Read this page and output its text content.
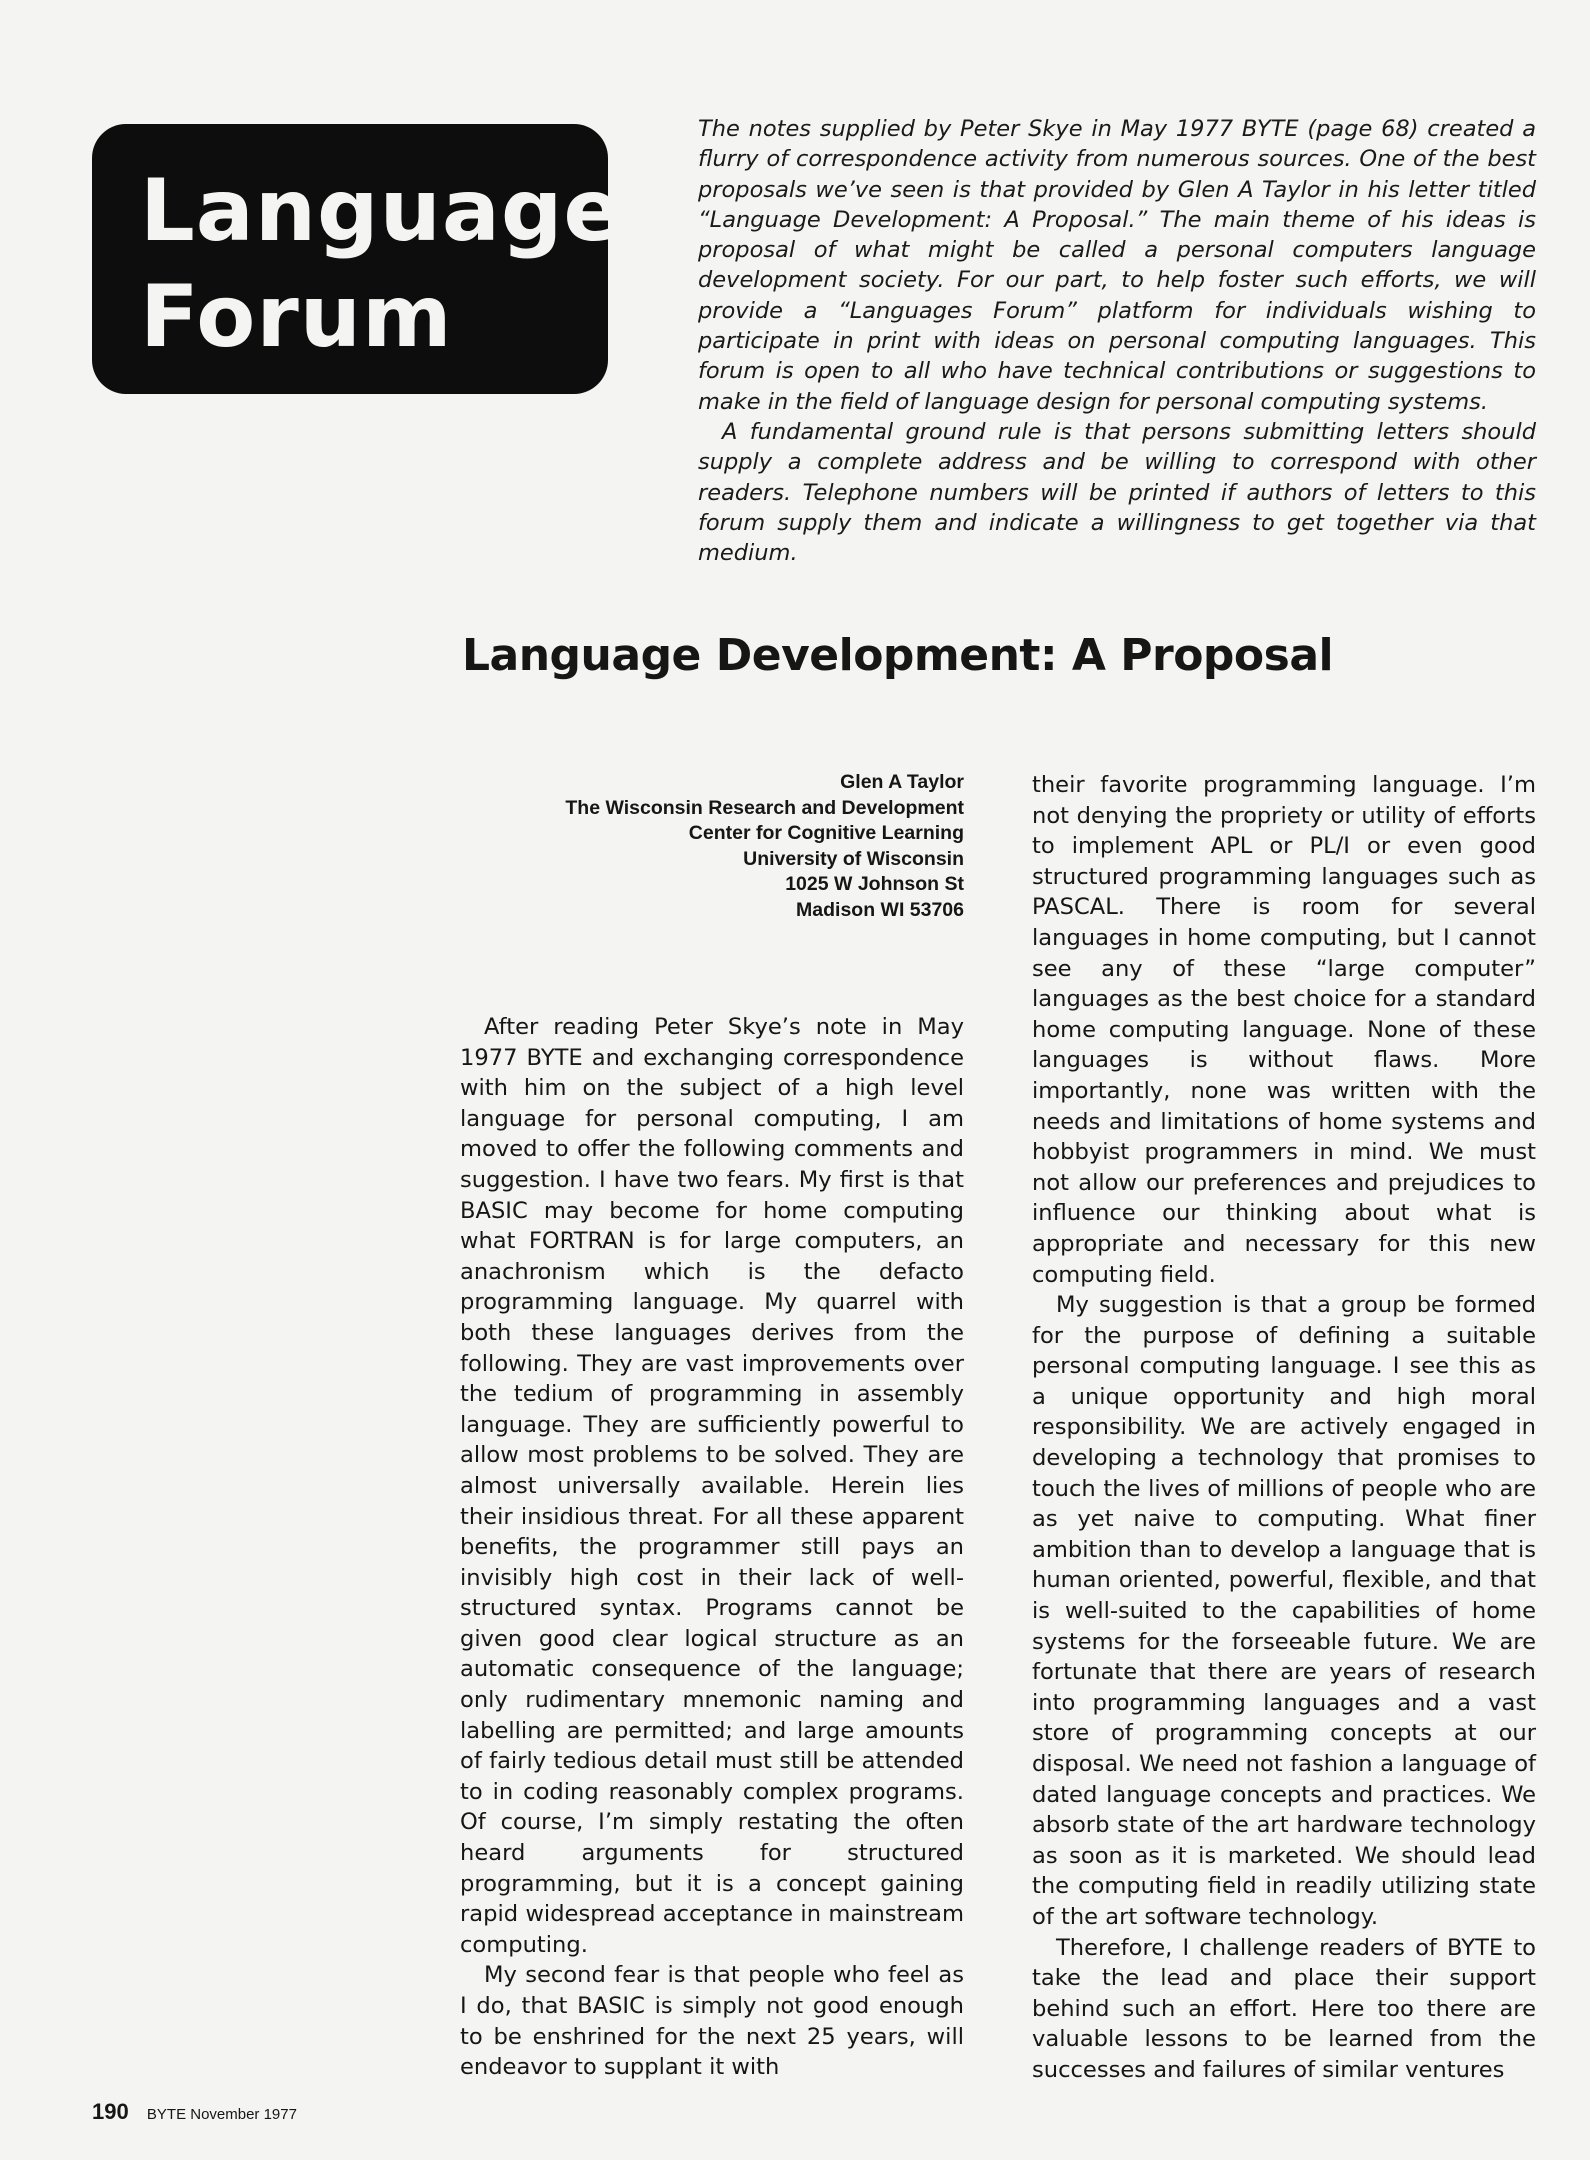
Languages
Forum

The notes supplied by Peter Skye in May 1977 BYTE (page 68) created a flurry of correspondence activity from numerous sources. One of the best proposals we’ve seen is that provided by Glen A Taylor in his letter titled “Language Development: A Proposal.” The main theme of his ideas is proposal of what might be called a personal computers language development society. For our part, to help foster such efforts, we will provide a “Languages Forum” platform for individuals wishing to participate in print with ideas on personal computing languages. This forum is open to all who have technical contributions or suggestions to make in the field of language design for personal computing systems.

A fundamental ground rule is that persons submitting letters should supply a complete address and be willing to correspond with other readers. Telephone numbers will be printed if authors of letters to this forum supply them and indicate a willingness to get together via that medium.

Language Development: A Proposal
Glen A Taylor
The Wisconsin Research and Development
Center for Cognitive Learning
University of Wisconsin
1025 W Johnson St
Madison WI 53706

After reading Peter Skye’s note in May 1977 BYTE and exchanging correspondence with him on the subject of a high level language for personal computing, I am moved to offer the following comments and suggestion. I have two fears. My first is that BASIC may become for home computing what FORTRAN is for large computers, an anachronism which is the defacto programming language. My quarrel with both these languages derives from the following. They are vast improvements over the tedium of programming in assembly language. They are sufficiently powerful to allow most problems to be solved. They are almost universally available. Herein lies their insidious threat. For all these apparent benefits, the programmer still pays an invisibly high cost in their lack of well-structured syntax. Programs cannot be given good clear logical structure as an automatic consequence of the language; only rudimentary mnemonic naming and labelling are permitted; and large amounts of fairly tedious detail must still be attended to in coding reasonably complex programs. Of course, I’m simply restating the often heard arguments for structured programming, but it is a concept gaining rapid widespread acceptance in mainstream computing.

My second fear is that people who feel as I do, that BASIC is simply not good enough to be enshrined for the next 25 years, will endeavor to supplant it with

their favorite programming language. I’m not denying the propriety or utility of efforts to implement APL or PL/I or even good structured programming languages such as PASCAL. There is room for several languages in home computing, but I cannot see any of these “large computer” languages as the best choice for a standard home computing language. None of these languages is without flaws. More importantly, none was written with the needs and limitations of home systems and hobbyist programmers in mind. We must not allow our preferences and prejudices to influence our thinking about what is appropriate and necessary for this new computing field.

My suggestion is that a group be formed for the purpose of defining a suitable personal computing language. I see this as a unique opportunity and high moral responsibility. We are actively engaged in developing a technology that promises to touch the lives of millions of people who are as yet naive to computing. What finer ambition than to develop a language that is human oriented, powerful, flexible, and that is well-suited to the capabilities of home systems for the forseeable future. We are fortunate that there are years of research into programming languages and a vast store of programming concepts at our disposal. We need not fashion a language of dated language concepts and practices. We absorb state of the art hardware technology as soon as it is marketed. We should lead the computing field in readily utilizing state of the art software technology.

Therefore, I challenge readers of BYTE to take the lead and place their support behind such an effort. Here too there are valuable lessons to be learned from the successes and failures of similar ventures

190 BYTE November 1977
